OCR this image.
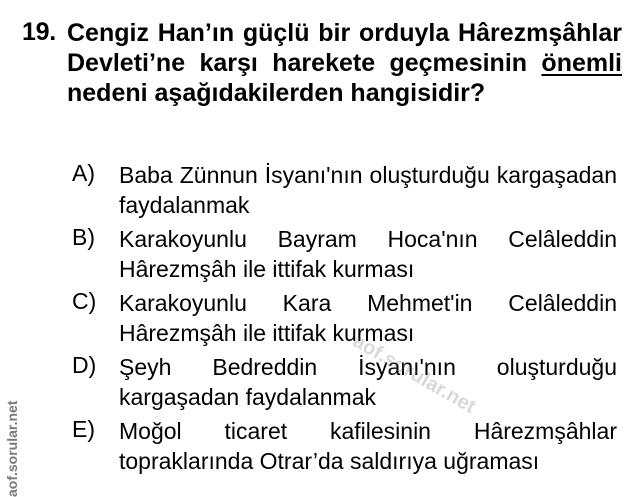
19. Cengiz Han’ın güçlü bir orduyla Hârezmşâhlar Devleti’ne karşı harekete geçmesinin önemli nedeni aşağıdakilerden hangisidir?
A) Baba Zünnun İsyanı'nın oluşturduğu kargaşadan faydalanmak
B) Karakoyunlu Bayram Hoca'nın Celâleddin Hârezmşâh ile ittifak kurması
C) Karakoyunlu Kara Mehmet'in Celâleddin Hârezmşâh ile ittifak kurması
D) Şeyh Bedreddin İsyanı'nın oluşturduğu kargaşadan faydalanmak
E) Moğol ticaret kafilesinin Hârezmşâhlar topraklarında Otrar’da saldırıya uğraması
aof.sorular.net
aof.sorular.net
